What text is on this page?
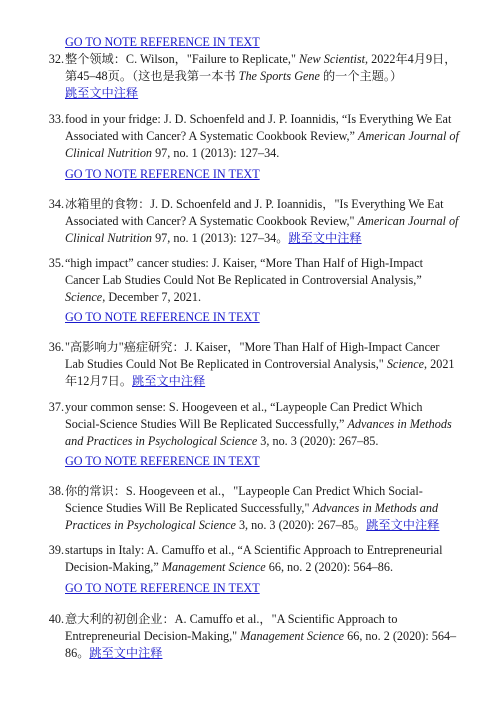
GO TO NOTE REFERENCE IN TEXT
32. 整个领域：C. Wilson，"Failure to Replicate," New Scientist, 2022年4月9日，第45–48页。（这也是我第一本书 The Sports Gene 的一个主题。）
跳至文中注释
33. food in your fridge: J. D. Schoenfeld and J. P. Ioannidis, “Is Everything We Eat Associated with Cancer? A Systematic Cookbook Review,” American Journal of Clinical Nutrition 97, no. 1 (2013): 127–34.
GO TO NOTE REFERENCE IN TEXT
34. 冰箱里的食物：J. D. Schoenfeld and J. P. Ioannidis，"Is Everything We Eat Associated with Cancer? A Systematic Cookbook Review," American Journal of Clinical Nutrition 97, no. 1 (2013): 127–34。跳至文中注释
35. “high impact” cancer studies: J. Kaiser, “More Than Half of High-Impact Cancer Lab Studies Could Not Be Replicated in Controversial Analysis,” Science, December 7, 2021.
GO TO NOTE REFERENCE IN TEXT
36. "高影响力"癌症研究：J. Kaiser，"More Than Half of High-Impact Cancer Lab Studies Could Not Be Replicated in Controversial Analysis," Science, 2021年12月7日。跳至文中注释
37. your common sense: S. Hoogeveen et al., “Laypeople Can Predict Which Social-Science Studies Will Be Replicated Successfully,” Advances in Methods and Practices in Psychological Science 3, no. 3 (2020): 267–85.
GO TO NOTE REFERENCE IN TEXT
38. 你的常识：S. Hoogeveen et al.，"Laypeople Can Predict Which Social-Science Studies Will Be Replicated Successfully," Advances in Methods and Practices in Psychological Science 3, no. 3 (2020): 267–85。跳至文中注释
39. startups in Italy: A. Camuffo et al., “A Scientific Approach to Entrepreneurial Decision-Making,” Management Science 66, no. 2 (2020): 564–86.
GO TO NOTE REFERENCE IN TEXT
40. 意大利的初创企业：A. Camuffo et al.，"A Scientific Approach to Entrepreneurial Decision-Making," Management Science 66, no. 2 (2020): 564–86。跳至文中注释
